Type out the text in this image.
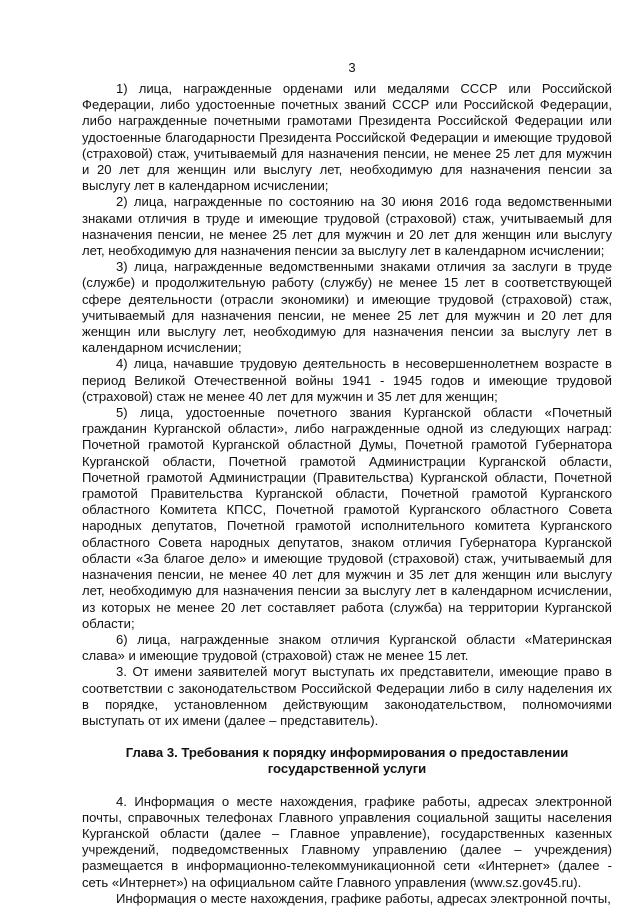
3

1) лица, награжденные орденами или медалями СССР или Российской Федерации, либо удостоенные почетных званий СССР или Российской Федерации, либо награжденные почетными грамотами Президента Российской Федерации или удостоенные благодарности Президента Российской Федерации и имеющие трудовой (страховой) стаж, учитываемый для назначения пенсии, не менее 25 лет для мужчин и 20 лет для женщин или выслугу лет, необходимую для назначения пенсии за выслугу лет в календарном исчислении;

2) лица, награжденные по состоянию на 30 июня 2016 года ведомственными знаками отличия в труде и имеющие трудовой (страховой) стаж, учитываемый для назначения пенсии, не менее 25 лет для мужчин и 20 лет для женщин или выслугу лет, необходимую для назначения пенсии за выслугу лет в календарном исчислении;

3) лица, награжденные ведомственными знаками отличия за заслуги в труде (службе) и продолжительную работу (службу) не менее 15 лет в соответствующей сфере деятельности (отрасли экономики) и имеющие трудовой (страховой) стаж, учитываемый для назначения пенсии, не менее 25 лет для мужчин и 20 лет для женщин или выслугу лет, необходимую для назначения пенсии за выслугу лет в календарном исчислении;

4) лица, начавшие трудовую деятельность в несовершеннолетнем возрасте в период Великой Отечественной войны 1941 - 1945 годов и имеющие трудовой (страховой) стаж не менее 40 лет для мужчин и 35 лет для женщин;

5) лица, удостоенные почетного звания Курганской области «Почетный гражданин Курганской области», либо награжденные одной из следующих наград: Почетной грамотой Курганской областной Думы, Почетной грамотой Губернатора Курганской области, Почетной грамотой Администрации Курганской области, Почетной грамотой Администрации (Правительства) Курганской области, Почетной грамотой Правительства Курганской области, Почетной грамотой Курганского областного Комитета КПСС, Почетной грамотой Курганского областного Совета народных депутатов, Почетной грамотой исполнительного комитета Курганского областного Совета народных депутатов, знаком отличия Губернатора Курганской области «За благое дело» и имеющие трудовой (страховой) стаж, учитываемый для назначения пенсии, не менее 40 лет для мужчин и 35 лет для женщин или выслугу лет, необходимую для назначения пенсии за выслугу лет в календарном исчислении, из которых не менее 20 лет составляет работа (служба) на территории Курганской области;

6) лица, награжденные знаком отличия Курганской области «Материнская слава» и имеющие трудовой (страховой) стаж не менее 15 лет.

3. От имени заявителей могут выступать их представители, имеющие право в соответствии с законодательством Российской Федерации либо в силу наделения их в порядке, установленном действующим законодательством, полномочиями выступать от их имени (далее – представитель).

Глава 3. Требования к порядку информирования о предоставлении государственной услуги

4. Информация о месте нахождения, графике работы, адресах электронной почты, справочных телефонах Главного управления социальной защиты населения Курганской области (далее – Главное управление), государственных казенных учреждений, подведомственных Главному управлению (далее – учреждения) размещается в информационно-телекоммуникационной сети «Интернет» (далее - сеть «Интернет») на официальном сайте Главного управления (www.sz.gov45.ru).

Информация о месте нахождения, графике работы, адресах электронной почты,
